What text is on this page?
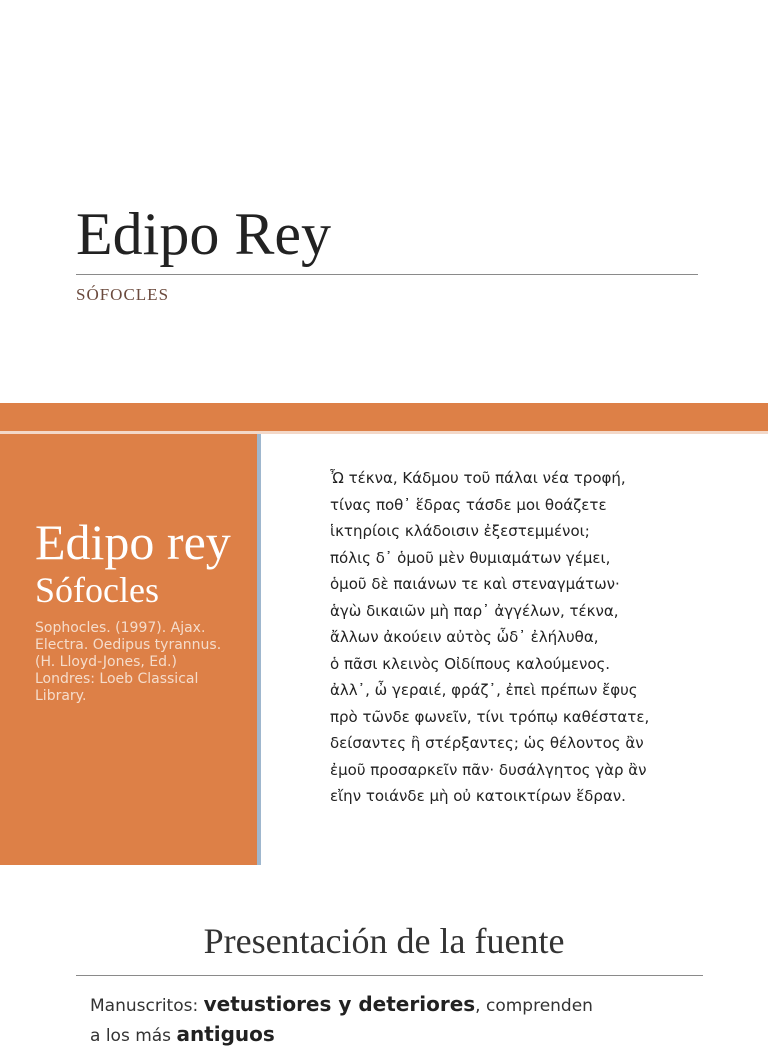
Edipo Rey
SÓFOCLES
Edipo rey
Sófocles
Sophocles. (1997). Ajax. Electra. Oedipus tyrannus. (H. Lloyd-Jones, Ed.) Londres: Loeb Classical Library.
Ὦ τέκνα, Κάδμου τοῦ πάλαι νέα τροφή,
τίνας ποθ᾽ ἕδρας τάσδε μοι θοάζετε
ἱκτηρίοις κλάδοισιν ἐξεστεμμένοι;
πόλις δ᾽ ὁμοῦ μὲν θυμιαμάτων γέμει,
ὁμοῦ δὲ παιάνων τε καὶ στεναγμάτων·
ἁγὼ δικαιῶν μὴ παρ᾽ ἀγγέλων, τέκνα,
ἄλλων ἀκούειν αὐτὸς ὧδ᾽ ἐλήλυθα,
ὁ πᾶσι κλεινὸς Οἰδίπους καλούμενος.
ἀλλ᾽, ὦ γεραιέ, φράζ᾽, ἐπεὶ πρέπων ἔφυς
πρὸ τῶνδε φωνεῖν, τίνι τρόπῳ καθέστατε,
δείσαντες ἢ στέρξαντες; ὡς θέλοντος ἂν
ἐμοῦ προσαρκεῖν πᾶν· δυσάλγητος γὰρ ἂν
εἴην τοιάνδε μὴ οὐ κατοικτίρων ἕδραν.
Presentación de la fuente
Manuscritos: vetustiores y deteriores, comprenden
a los más antiguos
